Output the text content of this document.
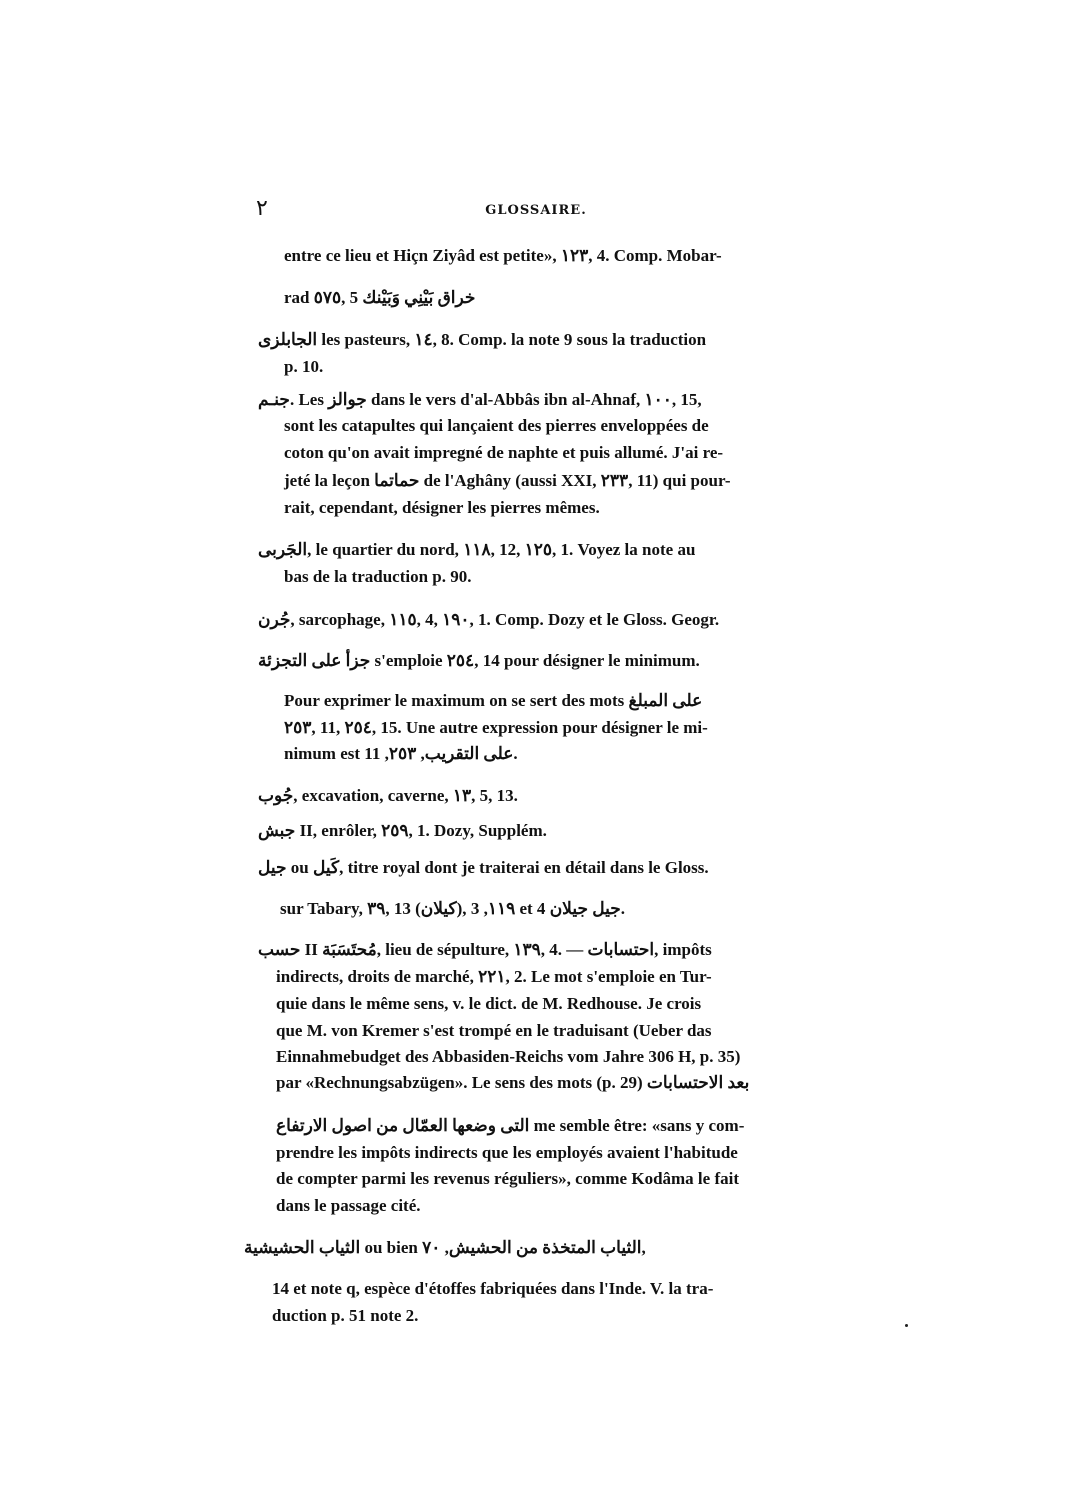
٢	GLOSSAIRE.
entre ce lieu et Hiçn Ziyâd est petite», ١٢٣, 4. Comp. Mobar-
rad ٥٧٥, 5 خراق بَيْنِي وَبَيْنك
الجابلزى les pasteurs, ١٤, 8. Comp. la note 9 sous la traduction
p. 10.
جنـم. Les جوالز dans le vers d'al-Abbâs ibn al-Ahnaf, ١٠٠, 15,
sont les catapultes qui lançaient des pierres enveloppées de
coton qu'on avait impregné de naphte et puis allumé. J'ai re-
jeté la leçon حماتما de l'Aghâny (aussi XXI, ٢٣٣, 11) qui pour-
rait, cependant, désigner les pierres mêmes.
الجَربى, le quartier du nord, ١١٨, 12, ١٢٥, 1. Voyez la note au
bas de la traduction p. 90.
جُرن, sarcophage, ١١٥, 4, ١٩٠, 1. Comp. Dozy et le Gloss. Geogr.
جزأ على التجزئة s'emploie ٢٥٤, 14 pour désigner le minimum.
Pour exprimer le maximum on se sert des mots على المبلغ
٢٥٣, 11, ٢٥٤, 15. Une autre expression pour désigner le mi-
nimum est على التقريب, ٢٥٣, 11.
جُوب, excavation, caverne, ١٣, 5, 13.
جبش II, enrôler, ٢٥٩, 1. Dozy, Supplém.
جيل ou كَيل, titre royal dont je traiterai en détail dans le Gloss.
sur Tabary, ٣٩, 13 (كيلان), ١١٩, 3 et 4 جيل جيلان.
حسب II مُحتَسَبَة, lieu de sépulture, ١٣٩, 4. — احتسابات, impôts
indirects, droits de marché, ٢٢١, 2. Le mot s'emploie en Tur-
quie dans le même sens, v. le dict. de M. Redhouse. Je crois
que M. von Kremer s'est trompé en le traduisant (Ueber das
Einnahmebudget des Abbasiden-Reichs vom Jahre 306 H, p. 35)
par «Rechnungsabzügen». Le sens des mots (p. 29) بعد الاحتسابات
التى وضعها العمّال من اصول الارتفاع me semble être: «sans y com-
prendre les impôts indirects que les employés avaient l'habitude
de compter parmi les revenus réguliers», comme Kodâma le fait
dans le passage cité.
الثياب الحشيشية ou bien الثياب المتخذة من الحشيش, ٧٠,
14 et note q, espèce d'étoffes fabriquées dans l'Inde. V. la tra-
duction p. 51 note 2.
